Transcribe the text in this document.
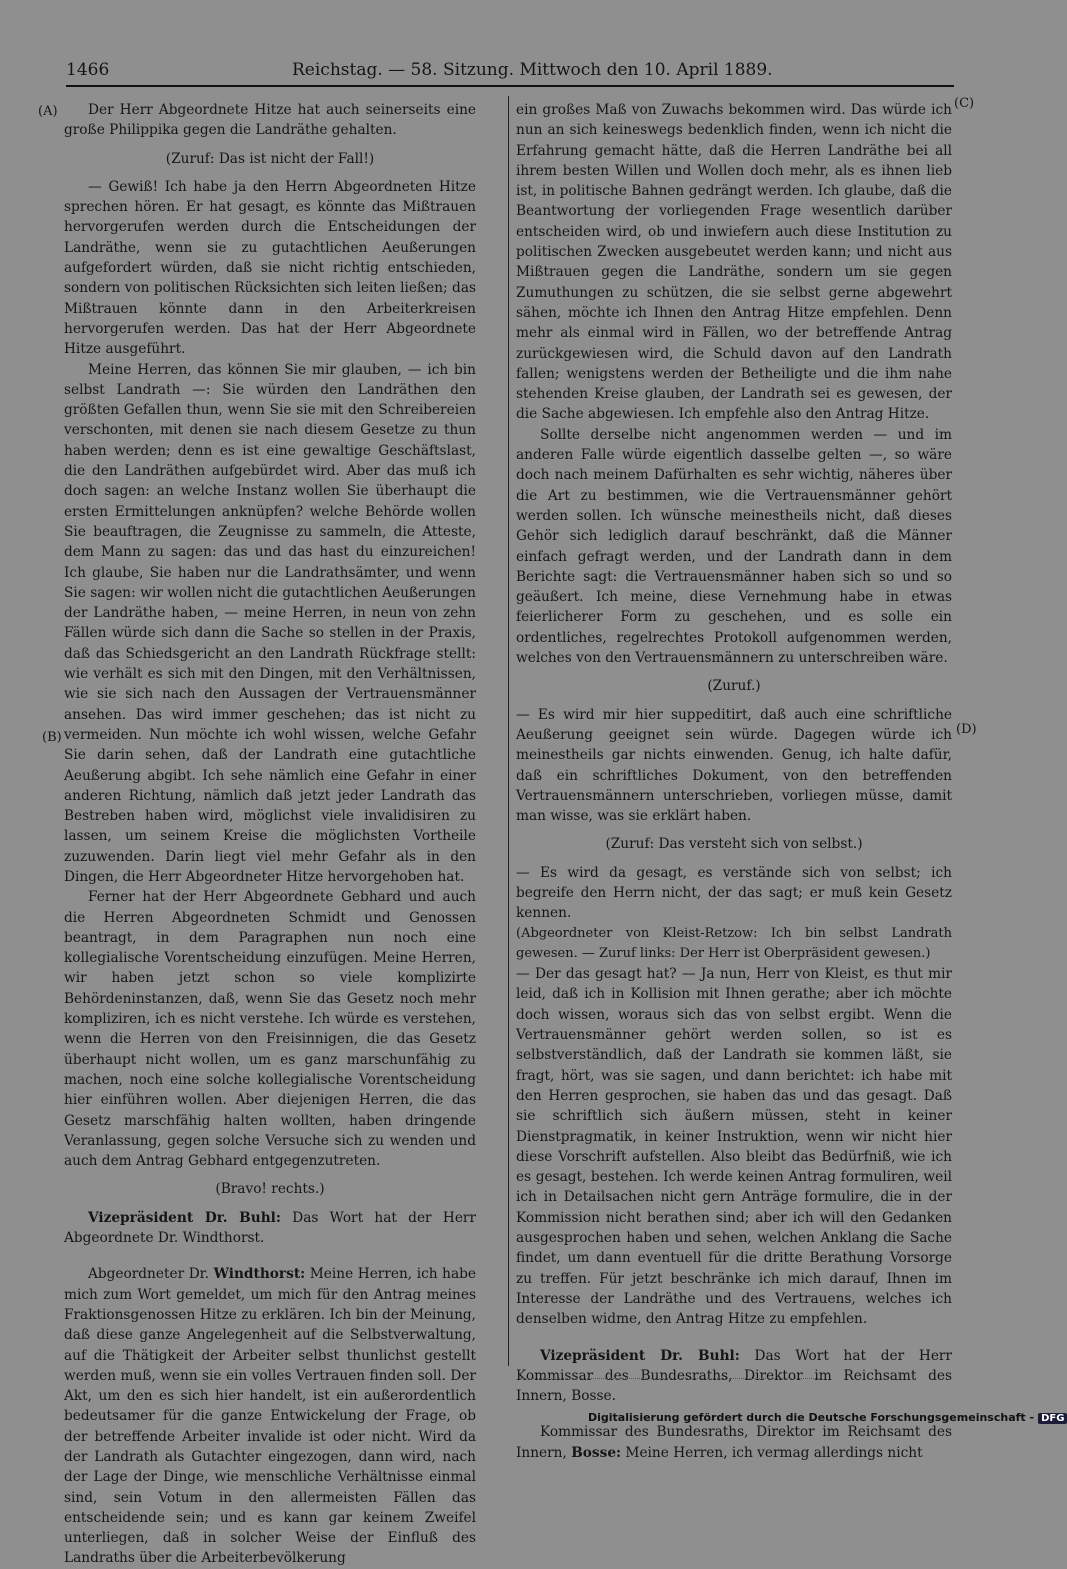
1466	Reichstag. — 58. Sitzung. Mittwoch den 10. April 1889.
(A)
(B)
(C)
(D)

Der Herr Abgeordnete Hitze hat auch seinerseits eine große Philippika gegen die Landräthe gehalten.

(Zuruf: Das ist nicht der Fall!)

— Gewiß! Ich habe ja den Herrn Abgeordneten Hitze sprechen hören. Er hat gesagt, es könnte das Mißtrauen hervorgerufen werden durch die Entscheidungen der Landräthe, wenn sie zu gutachtlichen Aeußerungen aufgefordert würden, daß sie nicht richtig entschieden, sondern von politischen Rücksichten sich leiten ließen; das Mißtrauen könnte dann in den Arbeiterkreisen hervorgerufen werden. Das hat der Herr Abgeordnete Hitze ausgeführt.

Meine Herren, das können Sie mir glauben, — ich bin selbst Landrath —: Sie würden den Landräthen den größten Gefallen thun, wenn Sie sie mit den Schreibereien verschonten, mit denen sie nach diesem Gesetze zu thun haben werden; denn es ist eine gewaltige Geschäftslast, die den Landräthen aufgebürdet wird. Aber das muß ich doch sagen: an welche Instanz wollen Sie überhaupt die ersten Ermittelungen anknüpfen? welche Behörde wollen Sie beauftragen, die Zeugnisse zu sammeln, die Atteste, dem Mann zu sagen: das und das hast du einzureichen! Ich glaube, Sie haben nur die Landrathsämter, und wenn Sie sagen: wir wollen nicht die gutachtlichen Aeußerungen der Landräthe haben, — meine Herren, in neun von zehn Fällen würde sich dann die Sache so stellen in der Praxis, daß das Schiedsgericht an den Landrath Rückfrage stellt: wie verhält es sich mit den Dingen, mit den Verhältnissen, wie sie sich nach den Aussagen der Vertrauensmänner ansehen. Das wird immer geschehen; das ist nicht zu vermeiden. Nun möchte ich wohl wissen, welche Gefahr Sie darin sehen, daß der Landrath eine gutachtliche Aeußerung abgibt. Ich sehe nämlich eine Gefahr in einer anderen Richtung, nämlich daß jetzt jeder Landrath das Bestreben haben wird, möglichst viele invalidisiren zu lassen, um seinem Kreise die möglichsten Vortheile zuzuwenden. Darin liegt viel mehr Gefahr als in den Dingen, die Herr Abgeordneter Hitze hervorgehoben hat.

Ferner hat der Herr Abgeordnete Gebhard und auch die Herren Abgeordneten Schmidt und Genossen beantragt, in dem Paragraphen nun noch eine kollegialische Vorentscheidung einzufügen. Meine Herren, wir haben jetzt schon so viele komplizirte Behördeninstanzen, daß, wenn Sie das Gesetz noch mehr kompliziren, ich es nicht verstehe. Ich würde es verstehen, wenn die Herren von den Freisinnigen, die das Gesetz überhaupt nicht wollen, um es ganz marschunfähig zu machen, noch eine solche kollegialische Vorentscheidung hier einführen wollen. Aber diejenigen Herren, die das Gesetz marschfähig halten wollten, haben dringende Veranlassung, gegen solche Versuche sich zu wenden und auch dem Antrag Gebhard entgegenzutreten.

(Bravo! rechts.)

Vizepräsident Dr. Buhl: Das Wort hat der Herr Abgeordnete Dr. Windthorst.

Abgeordneter Dr. Windthorst: Meine Herren, ich habe mich zum Wort gemeldet, um mich für den Antrag meines Fraktionsgenossen Hitze zu erklären. Ich bin der Meinung, daß diese ganze Angelegenheit auf die Selbstverwaltung, auf die Thätigkeit der Arbeiter selbst thunlichst gestellt werden muß, wenn sie ein volles Vertrauen finden soll. Der Akt, um den es sich hier handelt, ist ein außerordentlich bedeutsamer für die ganze Entwickelung der Frage, ob der betreffende Arbeiter invalide ist oder nicht. Wird da der Landrath als Gutachter eingezogen, dann wird, nach der Lage der Dinge, wie menschliche Verhältnisse einmal sind, sein Votum in den allermeisten Fällen das entscheidende sein; und es kann gar keinem Zweifel unterliegen, daß in solcher Weise der Einfluß des Landraths über die Arbeiterbevölkerung

ein großes Maß von Zuwachs bekommen wird. Das würde ich nun an sich keineswegs bedenklich finden, wenn ich nicht die Erfahrung gemacht hätte, daß die Herren Landräthe bei all ihrem besten Willen und Wollen doch mehr, als es ihnen lieb ist, in politische Bahnen gedrängt werden. Ich glaube, daß die Beantwortung der vorliegenden Frage wesentlich darüber entscheiden wird, ob und inwiefern auch diese Institution zu politischen Zwecken ausgebeutet werden kann; und nicht aus Mißtrauen gegen die Landräthe, sondern um sie gegen Zumuthungen zu schützen, die sie selbst gerne abgewehrt sähen, möchte ich Ihnen den Antrag Hitze empfehlen. Denn mehr als einmal wird in Fällen, wo der betreffende Antrag zurückgewiesen wird, die Schuld davon auf den Landrath fallen; wenigstens werden der Betheiligte und die ihm nahe stehenden Kreise glauben, der Landrath sei es gewesen, der die Sache abgewiesen. Ich empfehle also den Antrag Hitze.

Sollte derselbe nicht angenommen werden — und im anderen Falle würde eigentlich dasselbe gelten —, so wäre doch nach meinem Dafürhalten es sehr wichtig, näheres über die Art zu bestimmen, wie die Vertrauensmänner gehört werden sollen. Ich wünsche meinestheils nicht, daß dieses Gehör sich lediglich darauf beschränkt, daß die Männer einfach gefragt werden, und der Landrath dann in dem Berichte sagt: die Vertrauensmänner haben sich so und so geäußert. Ich meine, diese Vernehmung habe in etwas feierlicherer Form zu geschehen, und es solle ein ordentliches, regelrechtes Protokoll aufgenommen werden, welches von den Vertrauensmännern zu unterschreiben wäre.

(Zuruf.)

— Es wird mir hier suppeditirt, daß auch eine schriftliche Aeußerung geeignet sein würde. Dagegen würde ich meinestheils gar nichts einwenden. Genug, ich halte dafür, daß ein schriftliches Dokument, von den betreffenden Vertrauensmännern unterschrieben, vorliegen müsse, damit man wisse, was sie erklärt haben.

(Zuruf: Das versteht sich von selbst.)

— Es wird da gesagt, es verstände sich von selbst; ich begreife den Herrn nicht, der das sagt; er muß kein Gesetz kennen.

(Abgeordneter von Kleist-Retzow: Ich bin selbst Landrath gewesen. — Zuruf links: Der Herr ist Oberpräsident gewesen.)

— Der das gesagt hat? — Ja nun, Herr von Kleist, es thut mir leid, daß ich in Kollision mit Ihnen gerathe; aber ich möchte doch wissen, woraus sich das von selbst ergibt. Wenn die Vertrauensmänner gehört werden sollen, so ist es selbstverständlich, daß der Landrath sie kommen läßt, sie fragt, hört, was sie sagen, und dann berichtet: ich habe mit den Herren gesprochen, sie haben das und das gesagt. Daß sie schriftlich sich äußern müssen, steht in keiner Dienstpragmatik, in keiner Instruktion, wenn wir nicht hier diese Vorschrift aufstellen. Also bleibt das Bedürfniß, wie ich es gesagt, bestehen. Ich werde keinen Antrag formuliren, weil ich in Detailsachen nicht gern Anträge formulire, die in der Kommission nicht berathen sind; aber ich will den Gedanken ausgesprochen haben und sehen, welchen Anklang die Sache findet, um dann eventuell für die dritte Berathung Vorsorge zu treffen. Für jetzt beschränke ich mich darauf, Ihnen im Interesse der Landräthe und des Vertrauens, welches ich denselben widme, den Antrag Hitze zu empfehlen.

Vizepräsident Dr. Buhl: Das Wort hat der Herr Kommissar des Bundesraths, Direktor im Reichsamt des Innern, Bosse.

Kommissar des Bundesraths, Direktor im Reichsamt des Innern, Bosse: Meine Herren, ich vermag allerdings nicht

Digitalisierung gefördert durch die Deutsche Forschungsgemeinschaft - DFG
